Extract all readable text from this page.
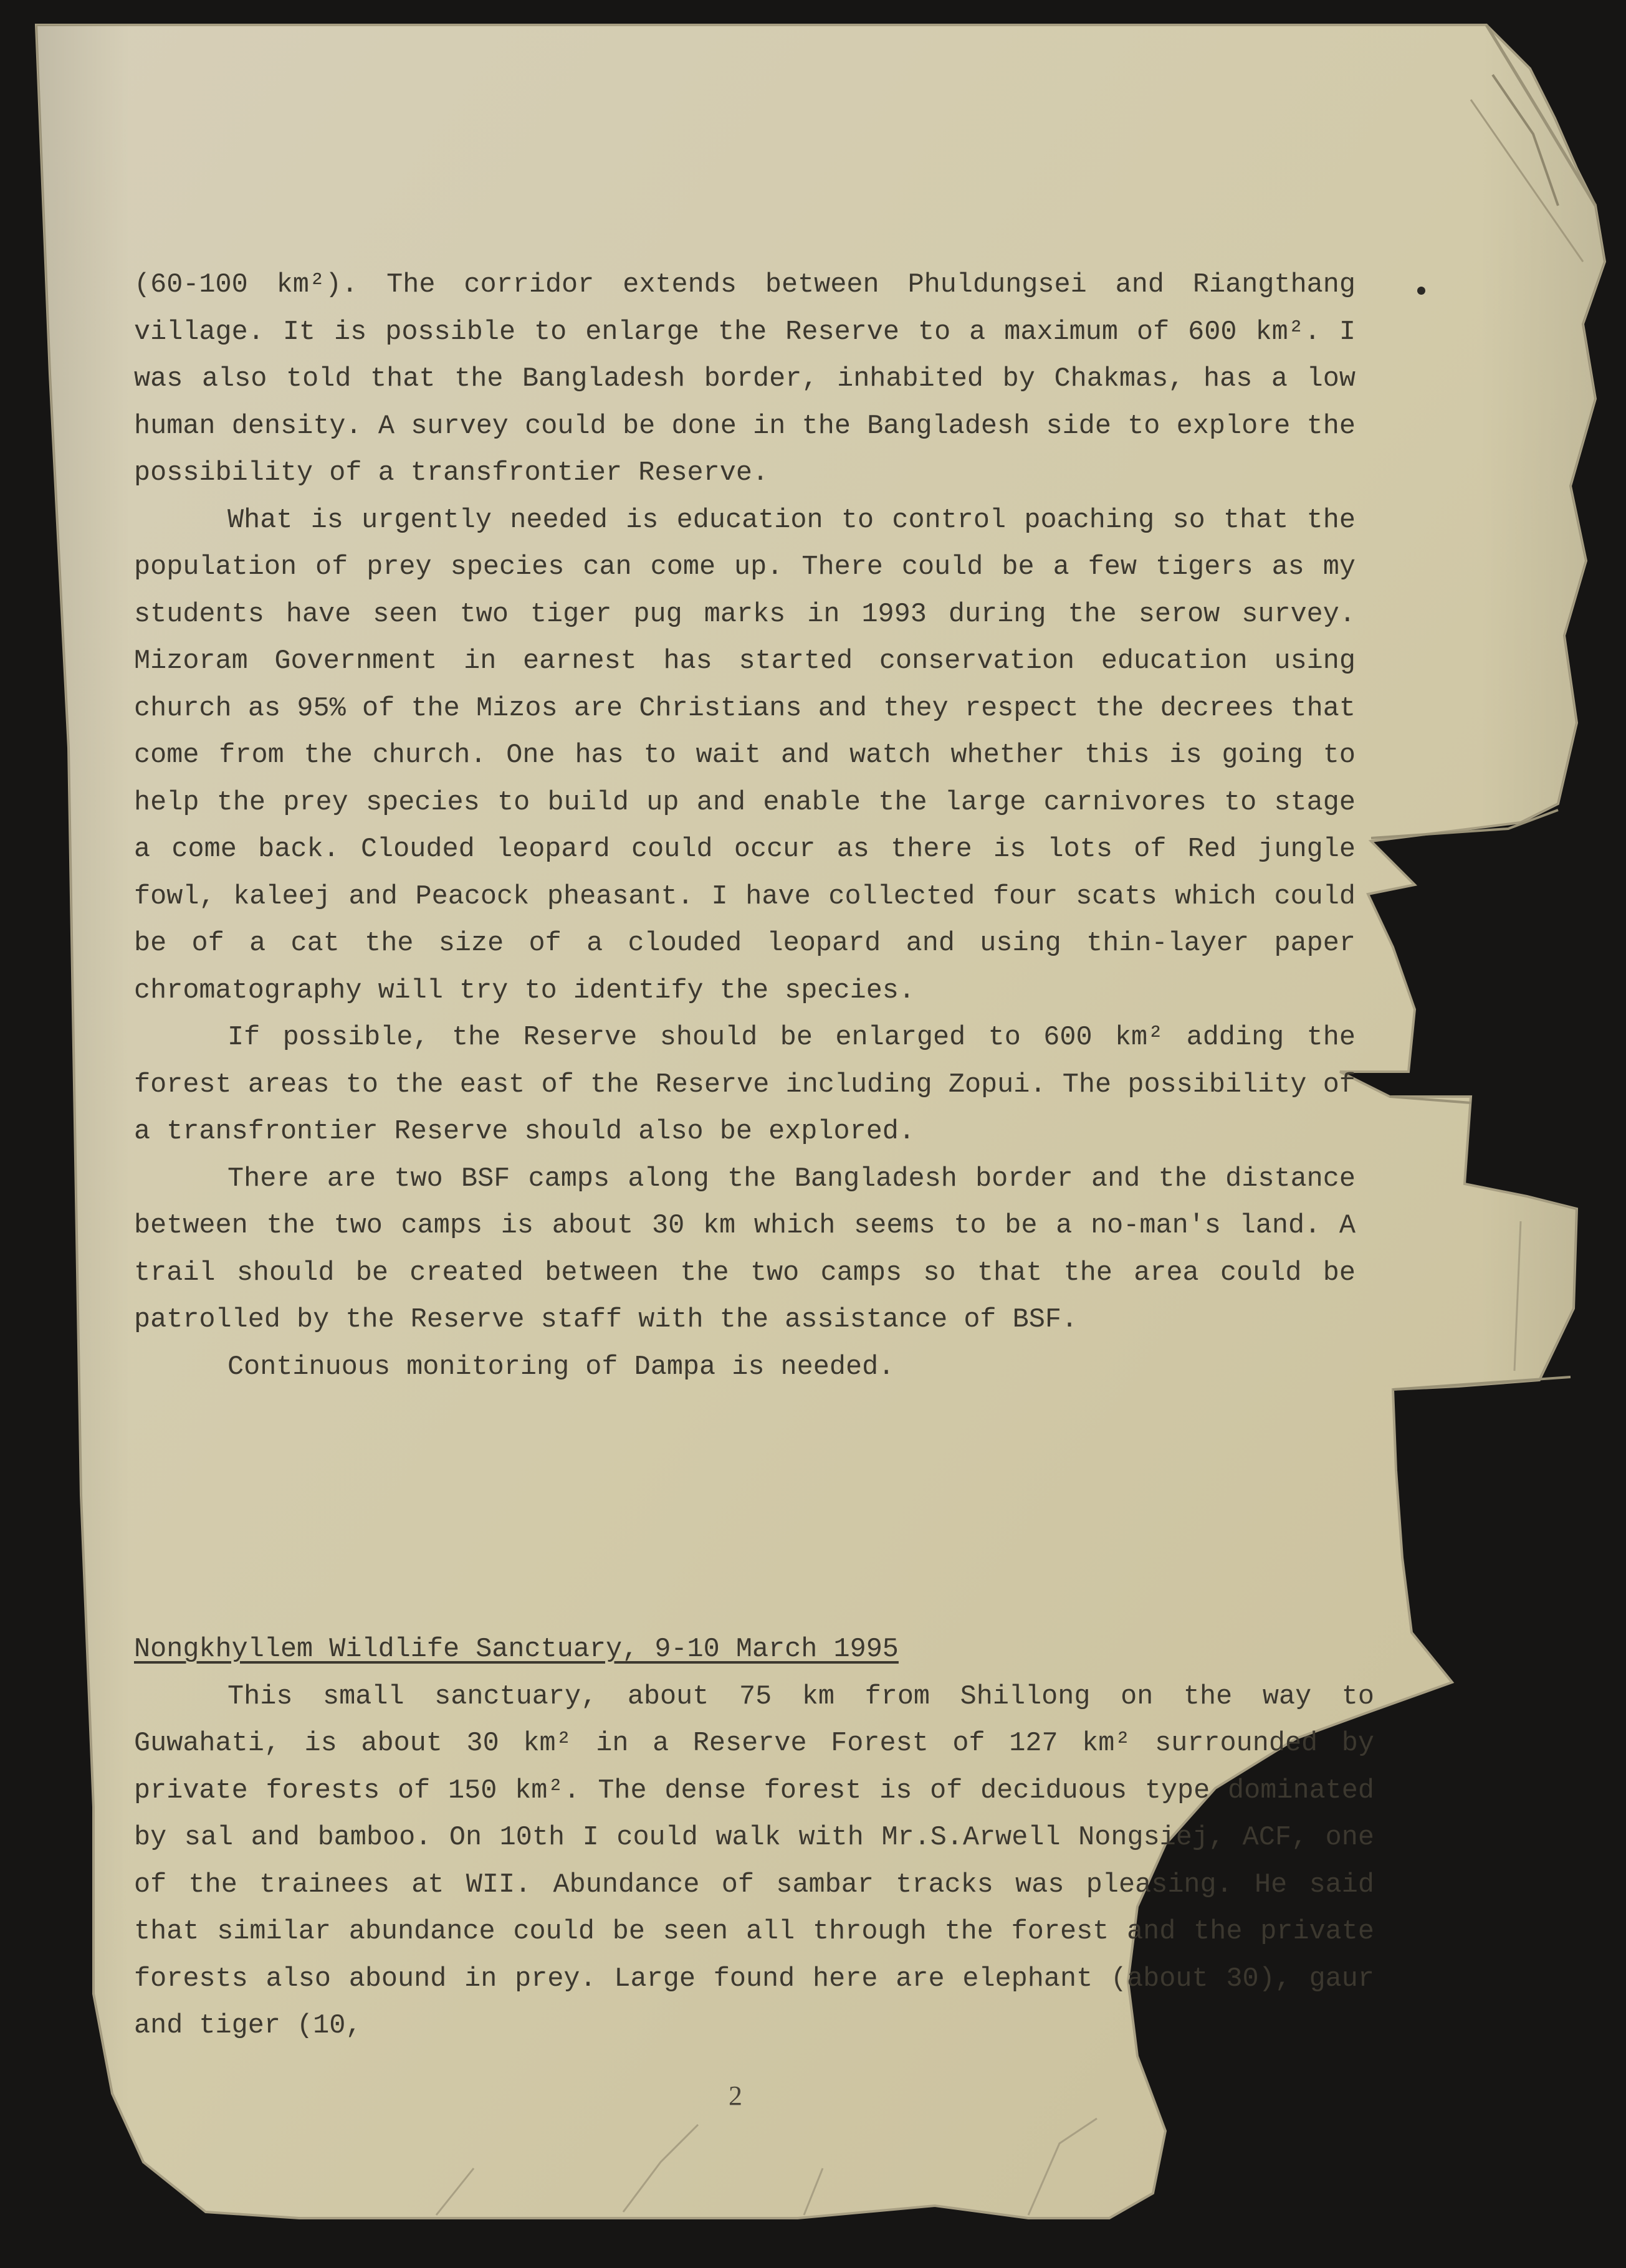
(60-100 km²). The corridor extends between Phuldungsei and Riangthang village. It is possible to enlarge the Reserve to a maximum of 600 km². I was also told that the Bangladesh border, inhabited by Chakmas, has a low human density. A survey could be done in the Bangladesh side to explore the possibility of a transfrontier Reserve.

What is urgently needed is education to control poaching so that the population of prey species can come up. There could be a few tigers as my students have seen two tiger pug marks in 1993 during the serow survey. Mizoram Government in earnest has started conservation education using church as 95% of the Mizos are Christians and they respect the decrees that come from the church. One has to wait and watch whether this is going to help the prey species to build up and enable the large carnivores to stage a come back. Clouded leopard could occur as there is lots of Red jungle fowl, kaleej and Peacock pheasant. I have collected four scats which could be of a cat the size of a clouded leopard and using thin-layer paper chromatography will try to identify the species.

If possible, the Reserve should be enlarged to 600 km² adding the forest areas to the east of the Reserve including Zopui. The possibility of a transfrontier Reserve should also be explored.

There are two BSF camps along the Bangladesh border and the distance between the two camps is about 30 km which seems to be a no-man's land. A trail should be created between the two camps so that the area could be patrolled by the Reserve staff with the assistance of BSF.

Continuous monitoring of Dampa is needed.

Nongkhyllem Wildlife Sanctuary, 9-10 March 1995

This small sanctuary, about 75 km from Shillong on the way to Guwahati, is about 30 km² in a Reserve Forest of 127 km² surrounded by private forests of 150 km². The dense forest is of deciduous type dominated by sal and bamboo. On 10th I could walk with Mr.S.Arwell Nongsiej, ACF, one of the trainees at WII. Abundance of sambar tracks was pleasing. He said that similar abundance could be seen all through the forest and the private forests also abound in prey. Large found here are elephant (about 30), gaur and tiger (10,

2
